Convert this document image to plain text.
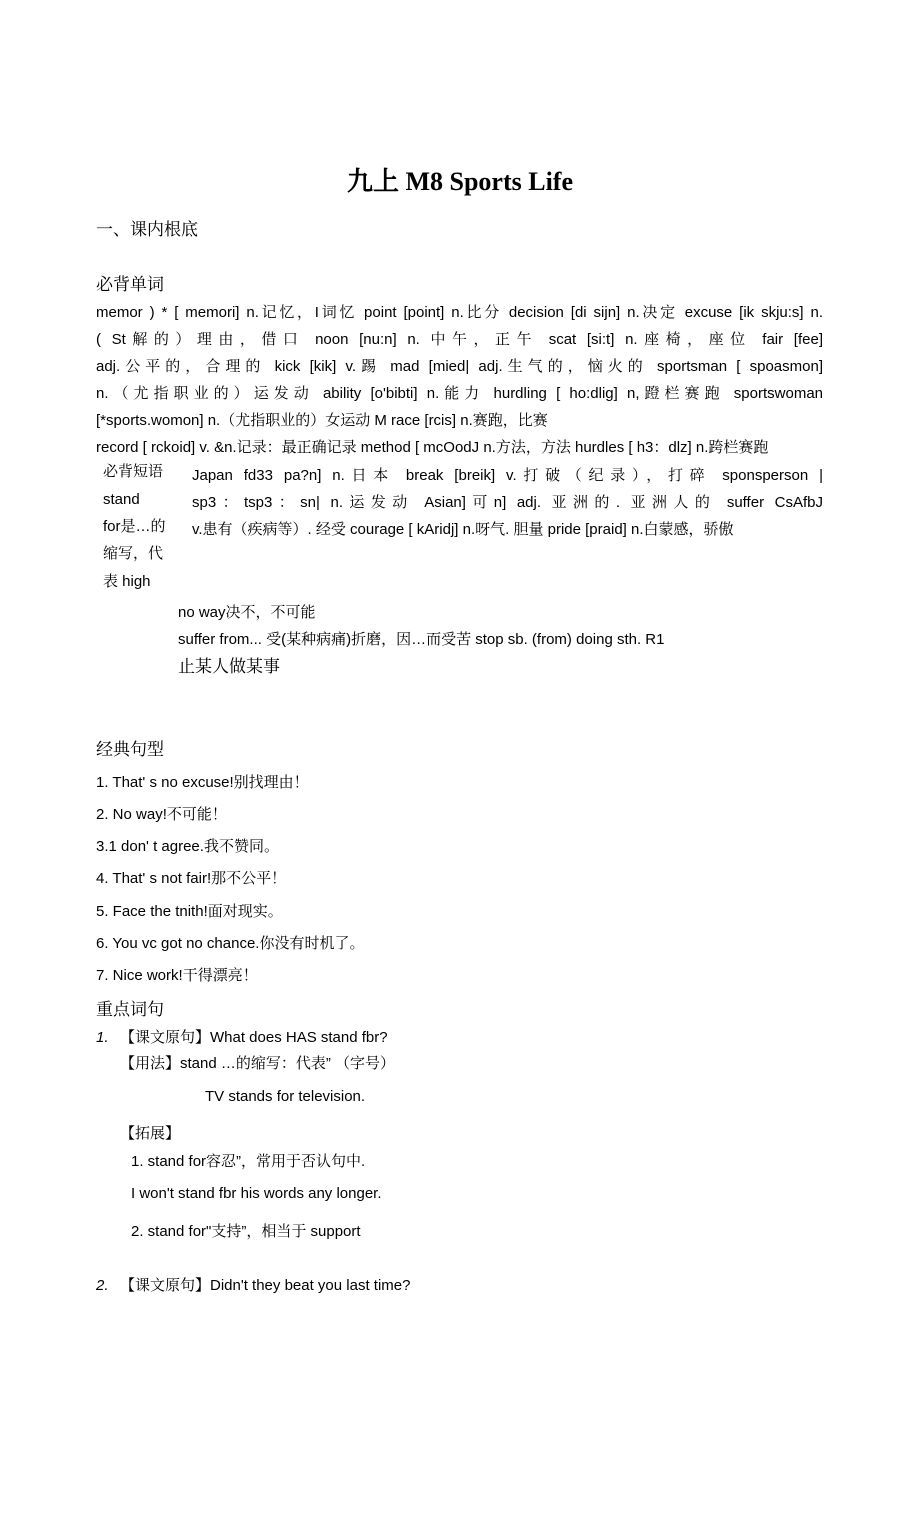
九上 M8 Sports Life
一、课内根底
必背单词
memor ) * [ memori] n.记忆，I词忆 point [point] n.比分 decision [di sijn] n.决定 excuse [ik skju:s] n.
( St解的）理由，借口 noon [nu:n] n. 中午，正午 scat [si:t] n.座椅，座位 fair [fee]
adj.公平的，合理的 kick [kik] v.踢 mad [mied| adj.生气的，恼火的 sportsman [ spoasmon]
n.（尤指职业的）运发动 ability [o'bibti] n.能力 hurdling [ ho:dlig] n,蹬栏赛跑 sportswoman
[*sports.womon] n.（尤指职业的）女运动 M race [rcis] n.赛跑，比赛
record [ rckoid] v. &n.记录：最正确记录 method [ mcOodJ n.方法，方法 hurdles [ h3：dlz] n.跨栏赛跑
必背短语
stand
for是…的
缩写，代
表 high
Japan fd33 pa?n] n.日本 break [breik] v.打破（纪录），打碎 sponsperson |
sp3：tsp3：sn| n.运发动 Asian]可n] adj. 亚洲的. 亚洲人的 suffer CsAfbJ
v.患有（疾病等）. 经受 courage [ kAridj] n.呀气. 胆量 pride [praid] n.白蒙感，骄傲
no way决不，不可能
suffer from... 受(某种病痛)折磨，因…而受苦 stop sb. (from) doing sth. R1
止某人做某事
经典句型
1. That' s no excuse!别找理由！
2. No way!不可能！
3.1 don' t agree.我不赞同。
4. That' s not fair!那不公平！
5. Face the tnith!面对现实。
6. You vc got no chance.你没有时机了。
7. Nice work!干得漂亮！
重点词句
1. 【课文原句】What does HAS stand fbr?
【用法】stand …的缩写：代表” （字号）
TV stands for television.
【拓展】
1. stand for容忍”，常用于否认句中.
I won't stand fbr his words any longer.
2. stand for"支持”，相当于 support
2. 【课文原句】Didn't they beat you last time?
